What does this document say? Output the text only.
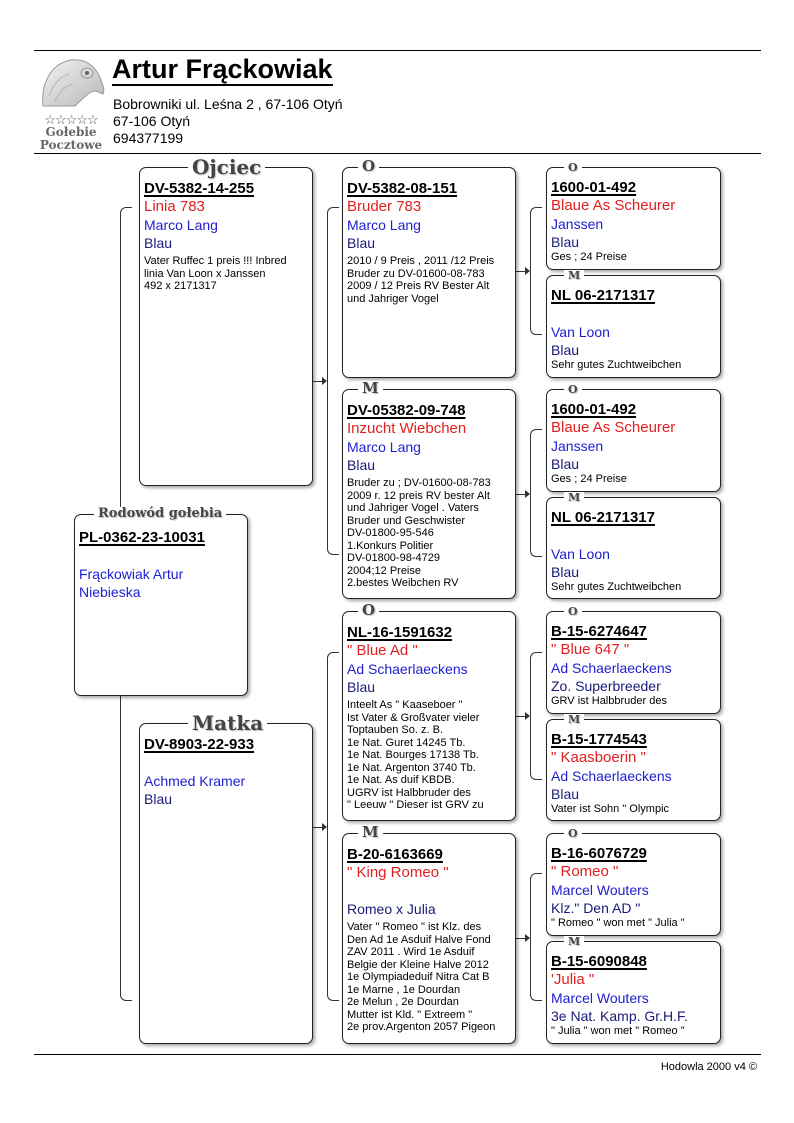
☆☆☆☆☆
Gołebie
Pocztowe
Artur Frąckowiak
Bobrowniki ul. Leśna 2 , 67-106 Otyń
67-106 Otyń
694377199
PL-0362-23-10031
Frąckowiak Artur
Niebieska
Rodowód gołebia
DV-5382-14-255
Linia 783
Marco Lang
Blau
Vater Ruffec 1 preis !!! Inbred
linia Van Loon x Janssen
492 x 2171317
Ojciec
DV-8903-22-933
Achmed Kramer
Blau
Matka
DV-5382-08-151
Bruder 783
Marco Lang
Blau
2010 / 9 Preis , 2011 /12 Preis
Bruder zu DV-01600-08-783
2009 / 12 Preis RV Bester Alt
und Jahriger Vogel
O
DV-05382-09-748
Inzucht Wiebchen
Marco Lang
Blau
Bruder zu ; DV-01600-08-783
2009 r. 12 preis RV bester Alt
und Jahriger Vogel . Vaters
Bruder und Geschwister
DV-01800-95-546
1.Konkurs Politier
DV-01800-98-4729
2004;12 Preise
2.bestes Weibchen RV
M
NL-16-1591632
" Blue Ad "
Ad Schaerlaeckens
Blau
Inteelt As " Kaaseboer "
Ist Vater & Großvater vieler
Toptauben So. z. B.
1e Nat. Guret 14245 Tb.
1e Nat. Bourges 17138 Tb.
1e Nat. Argenton 3740 Tb.
1e Nat. As duif KBDB.
UGRV ist Halbbruder des
" Leeuw " Dieser ist GRV zu
O
B-20-6163669
" King Romeo "
Romeo x Julia
Vater " Romeo " ist Klz. des
Den Ad 1e Asduif Halve Fond
ZAV 2011 . Wird 1e Asduif
Belgie der Kleine Halve 2012
1e Olympiadeduif Nitra Cat B
1e Marne , 1e Dourdan
2e Melun , 2e Dourdan
Mutter ist Kld. " Extreem "
2e prov.Argenton 2057 Pigeon
M
1600-01-492
Blaue As Scheurer
Janssen
Blau
Ges ; 24 Preise
O
NL 06-2171317
Van Loon
Blau
Sehr gutes Zuchtweibchen
M
1600-01-492
Blaue As Scheurer
Janssen
Blau
Ges ; 24 Preise
O
NL 06-2171317
Van Loon
Blau
Sehr gutes Zuchtweibchen
M
B-15-6274647
" Blue 647 "
Ad Schaerlaeckens
Zo. Superbreeder
GRV ist Halbbruder des
O
B-15-1774543
" Kaasboerin "
Ad Schaerlaeckens
Blau
Vater ist Sohn " Olympic
M
B-16-6076729
" Romeo "
Marcel Wouters
Klz." Den AD "
" Romeo " won met " Julia "
O
B-15-6090848
'Julia "
Marcel Wouters
3e Nat. Kamp. Gr.H.F.
" Julia " won met " Romeo "
M
Hodowla 2000 v4 ©
